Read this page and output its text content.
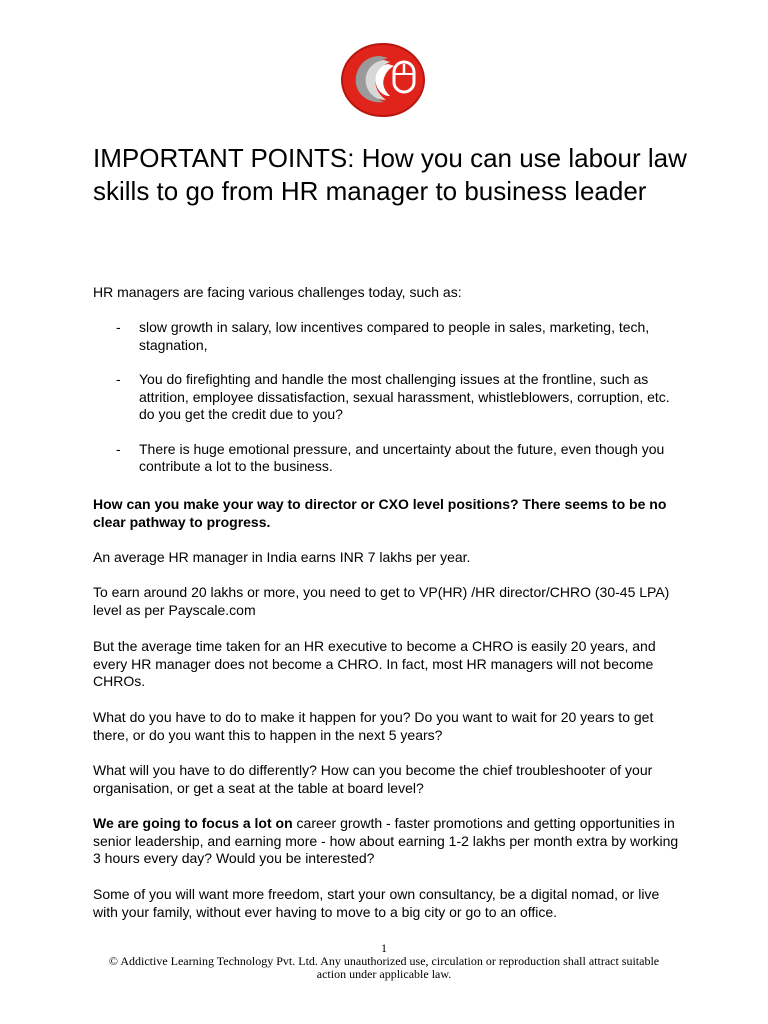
IMPORTANT POINTS: How you can use labour law skills to go from HR manager to business leader

HR managers are facing various challenges today, such as:

- slow growth in salary, low incentives compared to people in sales, marketing, tech, stagnation,
- You do firefighting and handle the most challenging issues at the frontline, such as attrition, employee dissatisfaction, sexual harassment, whistleblowers, corruption, etc. do you get the credit due to you?
- There is huge emotional pressure, and uncertainty about the future, even though you contribute a lot to the business.

How can you make your way to director or CXO level positions? There seems to be no clear pathway to progress.

An average HR manager in India earns INR 7 lakhs per year.

To earn around 20 lakhs or more, you need to get to VP(HR) /HR director/CHRO (30-45 LPA) level as per Payscale.com

But the average time taken for an HR executive to become a CHRO is easily 20 years, and every HR manager does not become a CHRO. In fact, most HR managers will not become CHROs.

What do you have to do to make it happen for you? Do you want to wait for 20 years to get there, or do you want this to happen in the next 5 years?

What will you have to do differently? How can you become the chief troubleshooter of your organisation, or get a seat at the table at board level?

We are going to focus a lot on career growth - faster promotions and getting opportunities in senior leadership, and earning more - how about earning 1-2 lakhs per month extra by working 3 hours every day? Would you be interested?

Some of you will want more freedom, start your own consultancy, be a digital nomad, or live with your family, without ever having to move to a big city or go to an office.

1
© Addictive Learning Technology Pvt. Ltd. Any unauthorized use, circulation or reproduction shall attract suitable action under applicable law.
